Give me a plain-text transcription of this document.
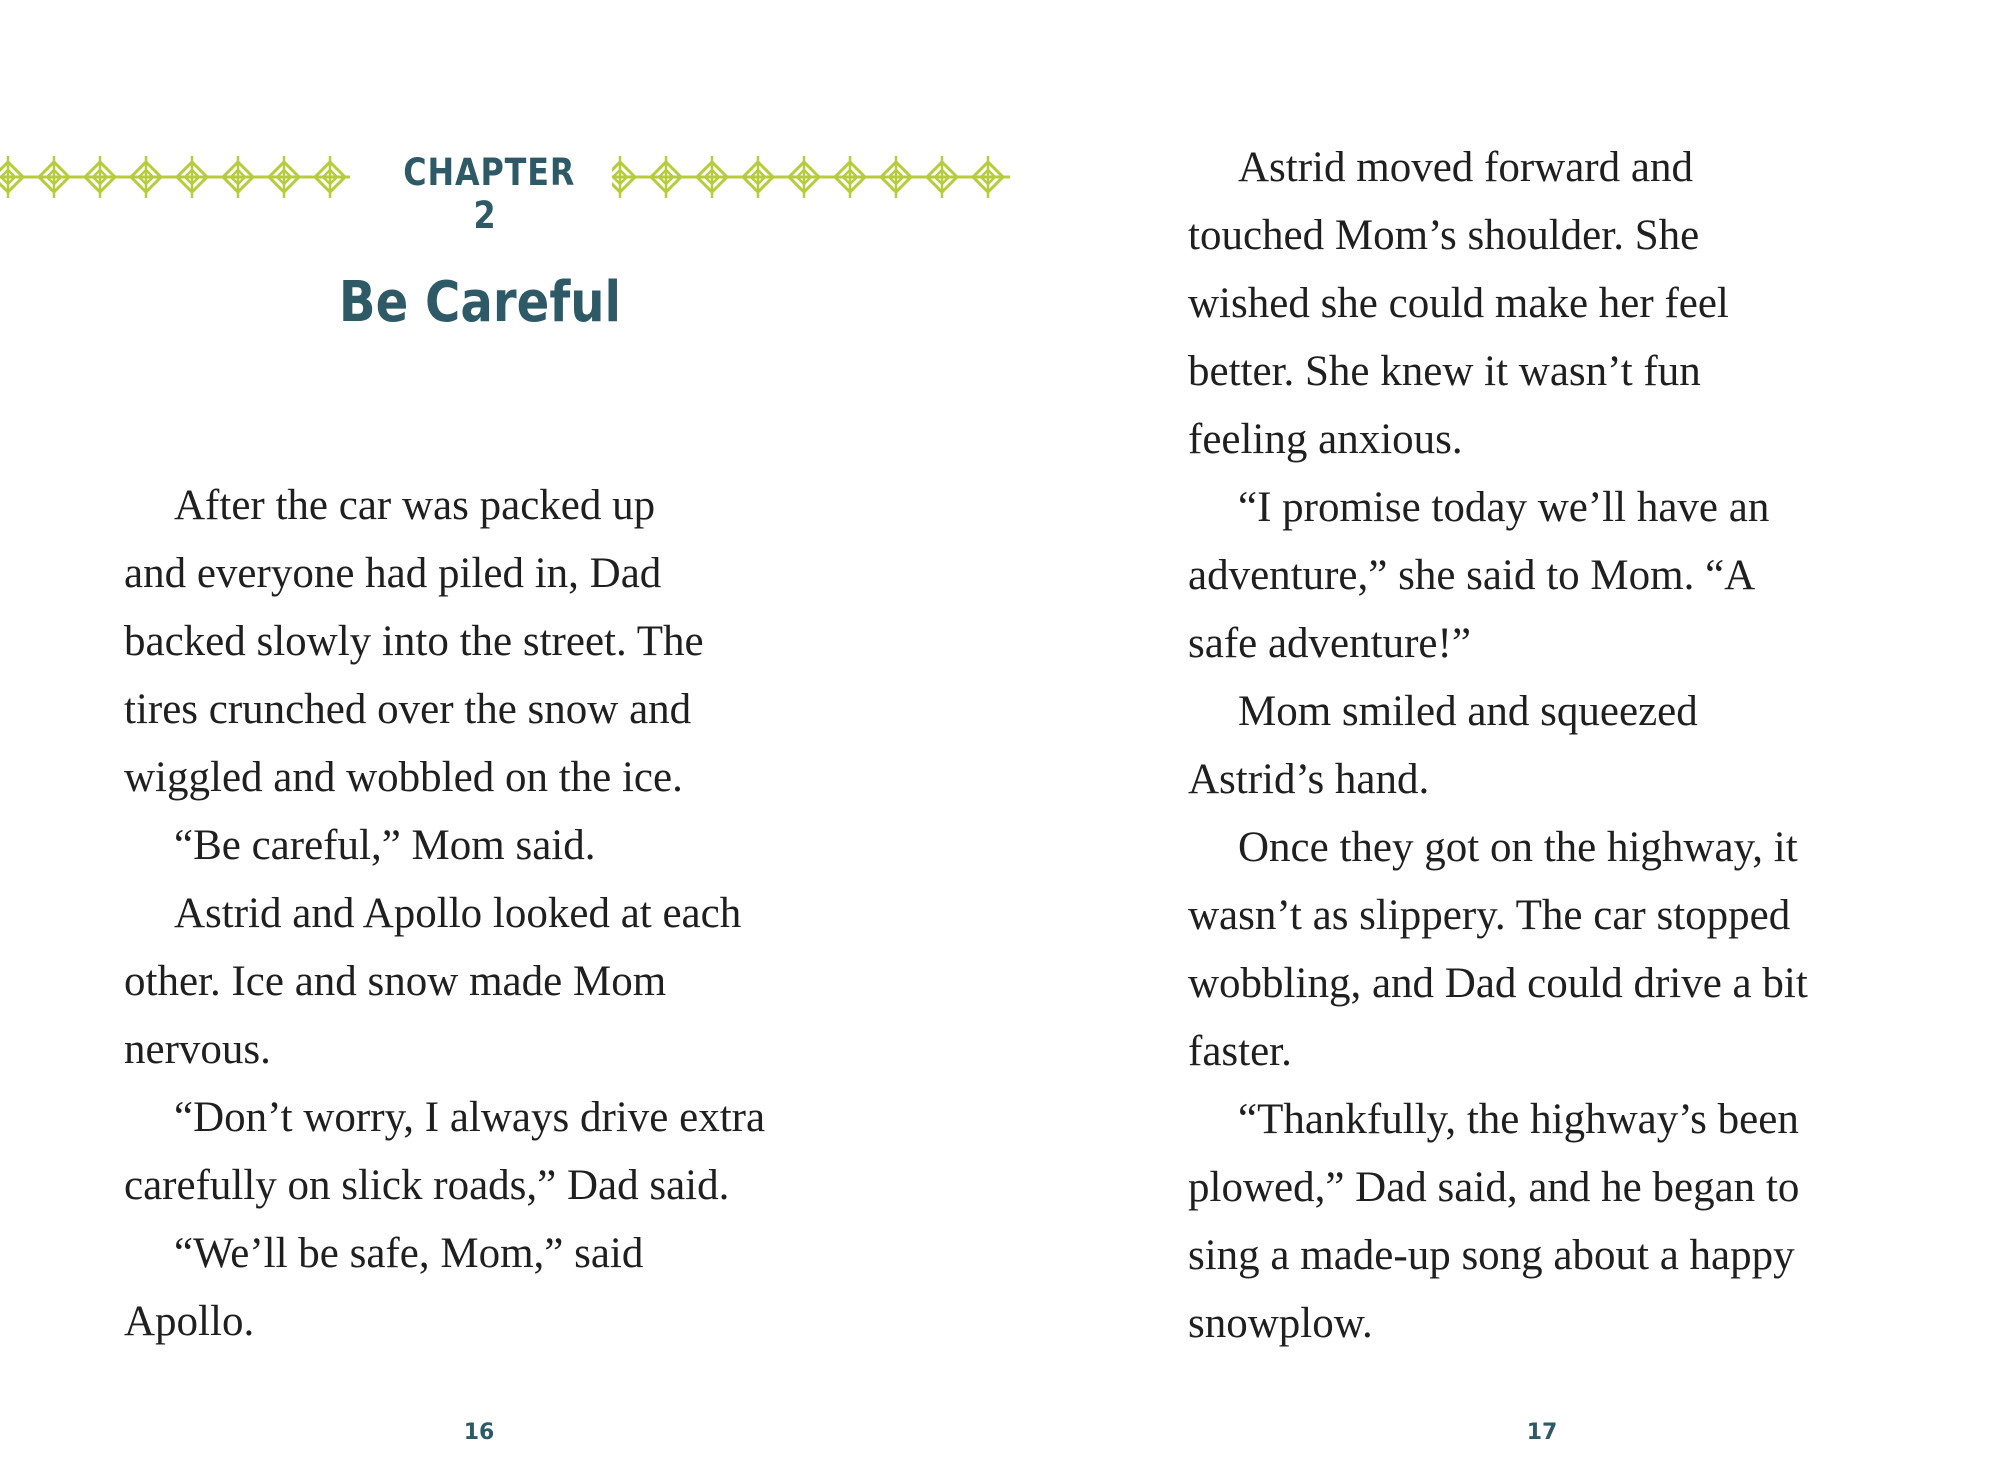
CHAPTER 2
Be Careful
After the car was packed up
and everyone had piled in, Dad
backed slowly into the street. The
tires crunched over the snow and
wiggled and wobbled on the ice.
“Be careful,” Mom said.
Astrid and Apollo looked at each
other. Ice and snow made Mom
nervous.
“Don’t worry, I always drive extra
carefully on slick roads,” Dad said.
“We’ll be safe, Mom,” said
Apollo.
16
Astrid moved forward and
touched Mom’s shoulder. She
wished she could make her feel
better. She knew it wasn’t fun
feeling anxious.
“I promise today we’ll have an
adventure,” she said to Mom. “A
safe adventure!”
Mom smiled and squeezed
Astrid’s hand.
Once they got on the highway, it
wasn’t as slippery. The car stopped
wobbling, and Dad could drive a bit
faster.
“Thankfully, the highway’s been
plowed,” Dad said, and he began to
sing a made-up song about a happy
snowplow.
17
